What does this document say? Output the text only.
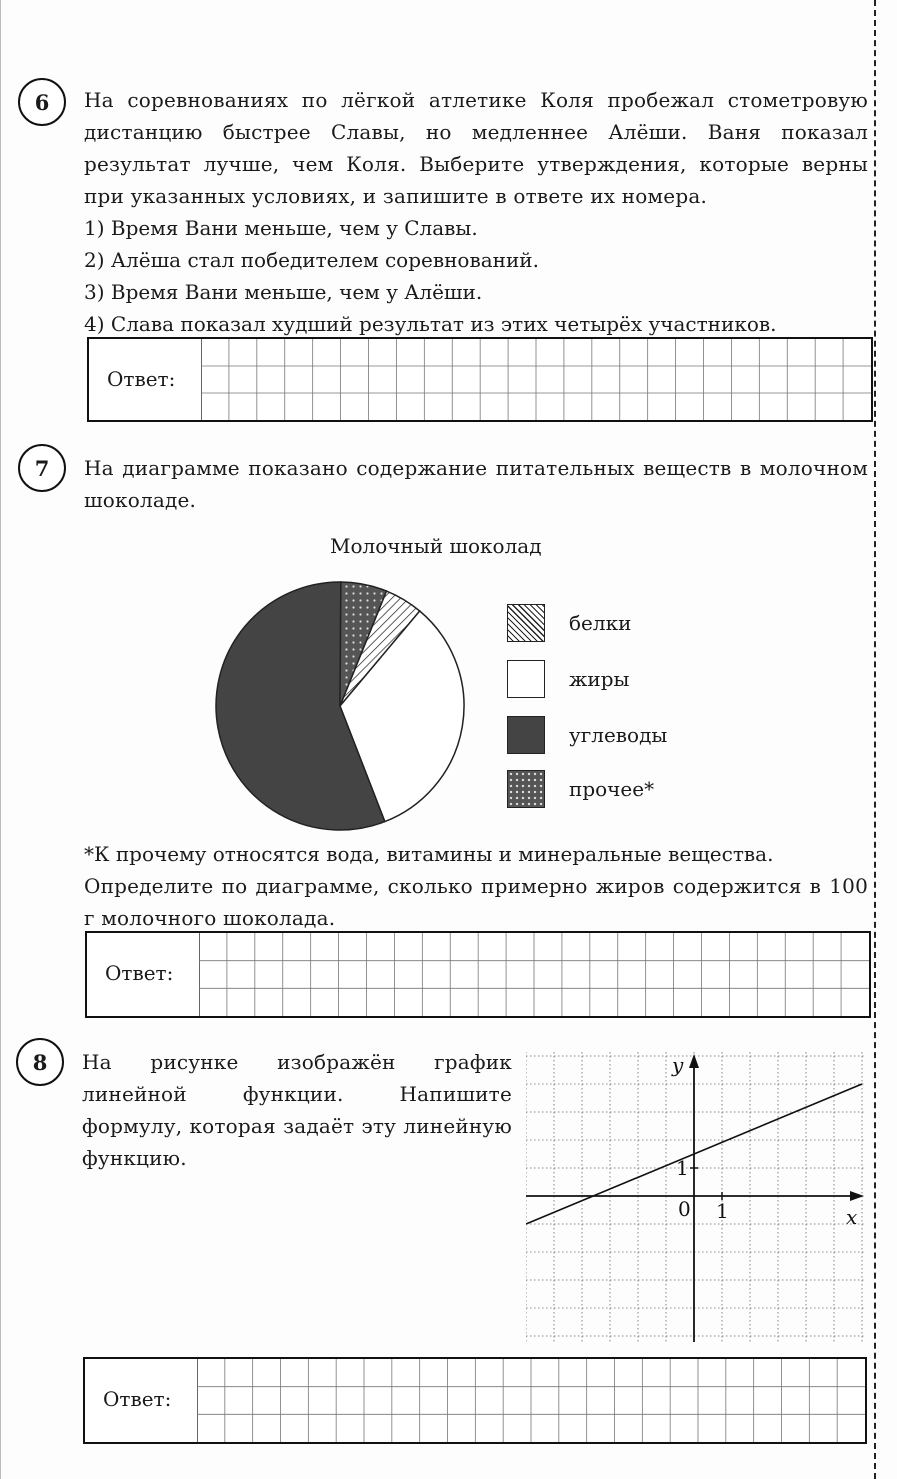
6	На соревнованиях по лёгкой атлетике Коля пробежал стометровую дистанцию быстрее Славы, но медленнее Алёши. Ваня показал результат лучше, чем Коля. Выберите утверждения, которые верны при указанных условиях, и запишите в ответе их номера.

1) Время Вани меньше, чем у Славы.
2) Алёша стал победителем соревнований.
3) Время Вани меньше, чем у Алёши.
4) Слава показал худший результат из этих четырёх участников.
Ответ:
7	На диаграмме показано содержание питательных веществ в молочном шоколаде.

Молочный шоколад
белки
жиры
углеводы
прочее*
*К прочему относятся вода, витамины и минеральные вещества.

Определите по диаграмме, сколько примерно жиров содержится в 100 г молочного шоколада.

Ответ:
8	На рисунке изображён график линейной функции. Напишите формулу, которая задаёт эту линейную функцию.

0 1
1
x
y
Ответ:
